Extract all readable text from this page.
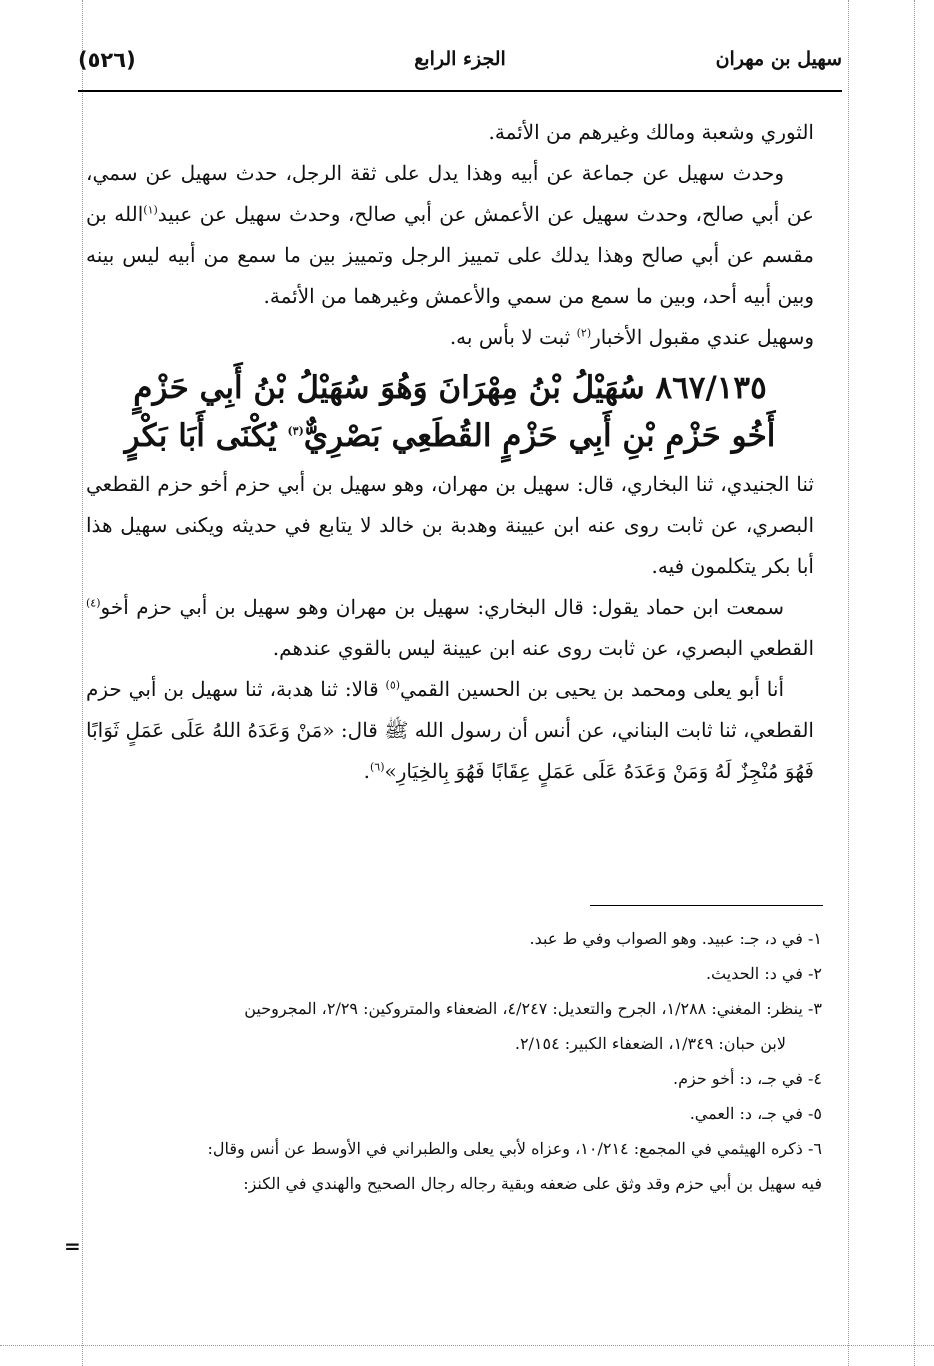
(٥٢٦)	الجزء الرابع	سهيل بن مهران

الثوري وشعبة ومالك وغيرهم من الأئمة.

وحدث سهيل عن جماعة عن أبيه وهذا يدل على ثقة الرجل، حدث سهيل عن سمي، عن أبي صالح، وحدث سهيل عن الأعمش عن أبي صالح، وحدث سهيل عن عبيد$^{(١)}$الله بن مقسم عن أبي صالح وهذا يدلك على تمييز الرجل وتمييز بين ما سمع من أبيه ليس بينه وبين أبيه أحد، وبين ما سمع من سمي والأعمش وغيرهما من الأئمة.

وسهيل عندي مقبول الأخبار$^{(٢)}$ ثبت لا بأس به.

٨٦٧/١٣٥ سُهَيْلُ بْنُ مِهْرَانَ وَهُوَ سُهَيْلُ بْنُ أَبِي حَزْمٍ
أَخُو حَزْمِ بْنِ أَبِي حَزْمٍ القُطَعِي بَصْرِيٌّ$^{(٣)}$ يُكْنَى أَبَا بَكْرٍ

ثنا الجنيدي، ثنا البخاري، قال: سهيل بن مهران، وهو سهيل بن أبي حزم أخو حزم القطعي البصري، عن ثابت روى عنه ابن عيينة وهدبة بن خالد لا يتابع في حديثه ويكنى سهيل هذا أبا بكر يتكلمون فيه.

سمعت ابن حماد يقول: قال البخاري: سهيل بن مهران وهو سهيل بن أبي حزم أخو$^{(٤)}$ القطعي البصري، عن ثابت روى عنه ابن عيينة ليس بالقوي عندهم.

أنا أبو يعلى ومحمد بن يحيى بن الحسين القمي$^{(٥)}$ قالا: ثنا هدبة، ثنا سهيل بن أبي حزم القطعي، ثنا ثابت البناني، عن أنس أن رسول الله ﷺ قال: «مَنْ وَعَدَهُ اللهُ عَلَى عَمَلٍ ثَوَابًا فَهُوَ مُنْجِزٌ لَهُ وَمَنْ وَعَدَهُ عَلَى عَمَلٍ عِقَابًا فَهُوَ بِالخِيَارِ»$^{(٦)}$.

١- في د، جـ: عبيد. وهو الصواب وفي ط عبد.

٢- في د: الحديث.

٣- ينظر: المغني: ١/٢٨٨، الجرح والتعديل: ٤/٢٤٧، الضعفاء والمتروكين: ٢/٢٩، المجروحين

لابن حبان: ١/٣٤٩، الضعفاء الكبير: ٢/١٥٤.

٤- في جـ، د: أخو حزم.

٥- في جـ، د: العمي.

٦- ذكره الهيثمي في المجمع: ١٠/٢١٤، وعزاه لأبي يعلى والطبراني في الأوسط عن أنس وقال:

فيه سهيل بن أبي حزم وقد وثق على ضعفه وبقية رجاله رجال الصحيح والهندي في الكنز:

=
